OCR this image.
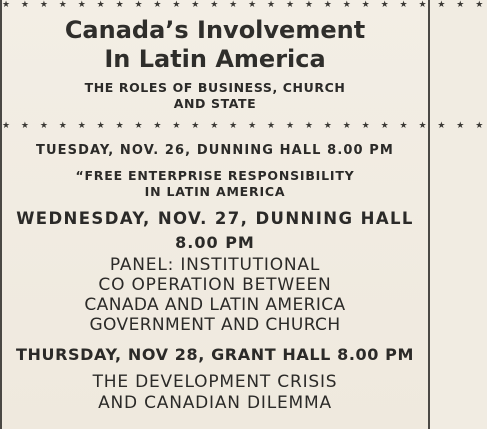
★ ★ ★ ★ ★ ★ ★ ★ ★ ★ ★ ★ ★ ★ ★ ★ ★ ★ ★ ★ ★ ★ ★ ★ ★ ★
Canada’s Involvement
In Latin America
THE ROLES OF BUSINESS, CHURCH
AND STATE
★ ★ ★ ★ ★ ★ ★ ★ ★ ★ ★ ★ ★ ★ ★ ★ ★ ★ ★ ★ ★ ★ ★ ★ ★ ★
TUESDAY, NOV. 26, DUNNING HALL 8.00 PM
“FREE ENTERPRISE RESPONSIBILITY
IN LATIN AMERICA
WEDNESDAY, NOV. 27, DUNNING HALL
8.00 PM
PANEL: INSTITUTIONAL
CO OPERATION BETWEEN
CANADA AND LATIN AMERICA
GOVERNMENT AND CHURCH
THURSDAY, NOV 28, GRANT HALL 8.00 PM
THE DEVELOPMENT CRISIS
AND CANADIAN DILEMMA
